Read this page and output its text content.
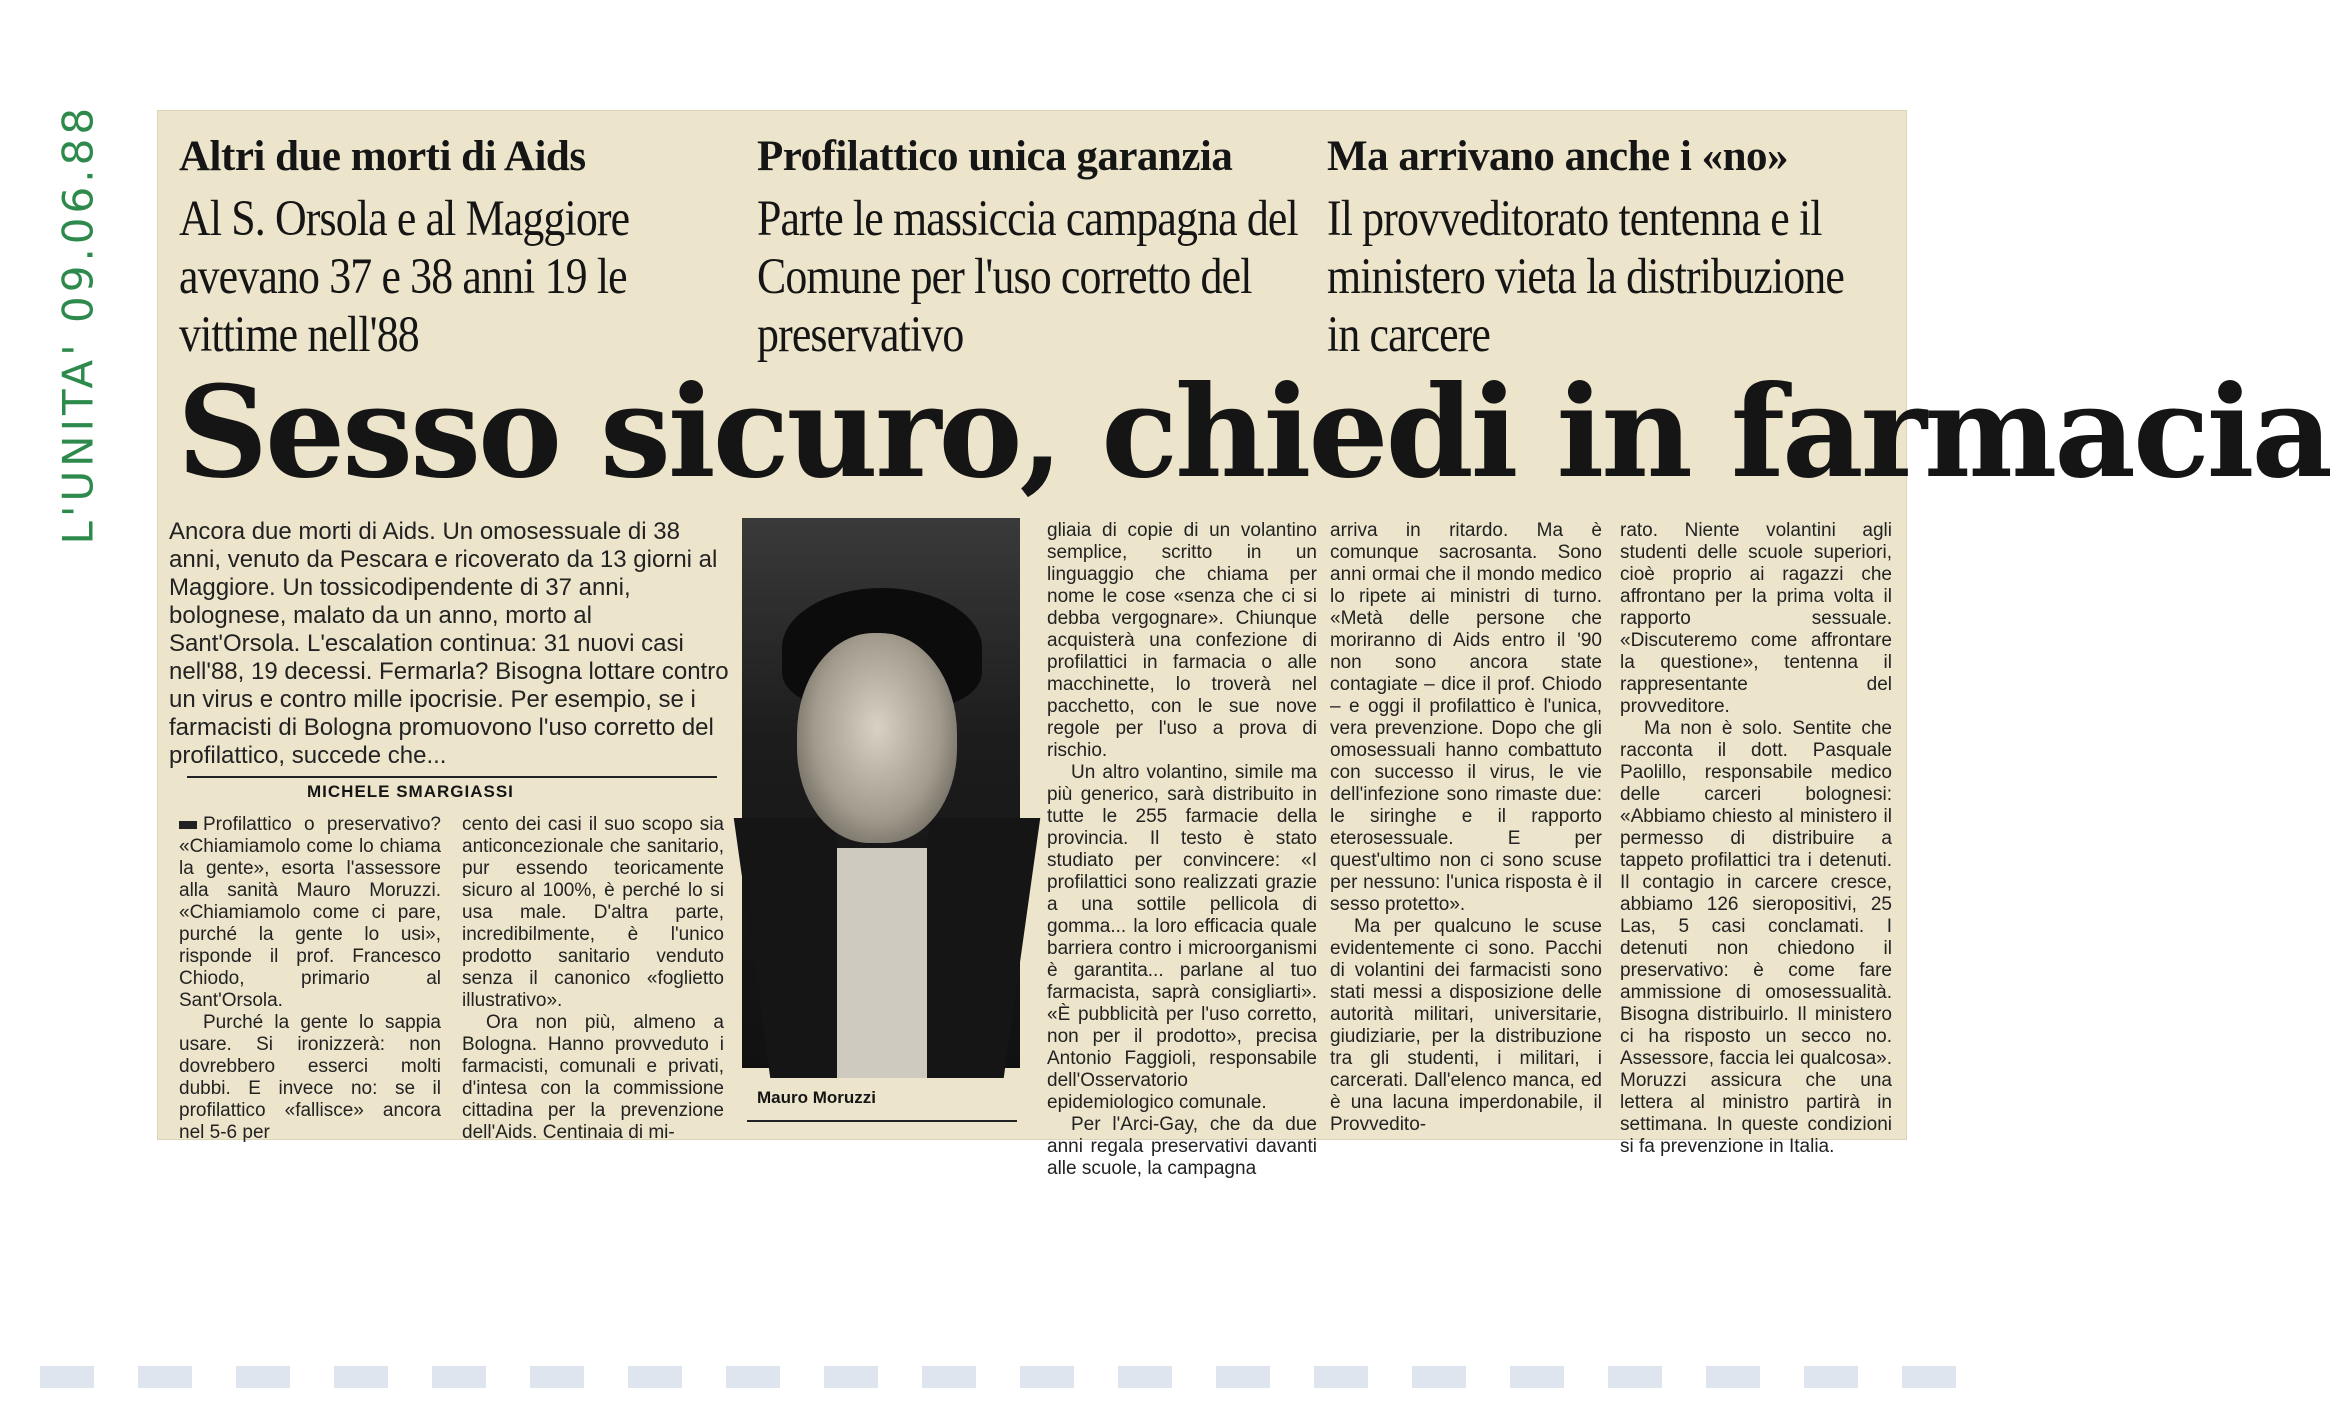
L'UNITA' 09.06.88 Altri due morti di Aids	Profilattico unica garanzia Ma arrivano anche i «no»
Al S. Orsola e al Maggiore avevano 37 e 38 anni 19 le vittime nell'88
Parte le massiccia campagna del Comune per l'uso corretto del preservativo
Il provveditorato tentenna e il ministero vieta la distribuzione in carcere
Sesso sicuro, chiedi in farmacia
Ancora due morti di Aids. Un omosessuale di 38 anni, venuto da Pescara e ricoverato da 13 giorni al Maggiore. Un tossicodipendente di 37 anni, bolognese, malato da un anno, morto al Sant'Orsola. L'escalation continua: 31 nuovi casi nell'88, 19 decessi. Fermarla? Bisogna lottare contro un virus e contro mille ipocrisie. Per esempio, se i farmacisti di Bologna promuovono l'uso corretto del profilattico, succede che...
MICHELE SMARGIASSI

Profilattico o preservativo? «Chiamiamolo come lo chiama la gente», esorta l'assessore alla sanità Mauro Moruzzi. «Chiamiamolo come ci pare, purché la gente lo usi», risponde il prof. Francesco Chiodo, primario al Sant'Orsola.

Purché la gente lo sappia usare. Si ironizzerà: non dovrebbero esserci molti dubbi. E invece no: se il profilattico «fallisce» ancora nel 5-6 per

cento dei casi il suo scopo sia anticoncezionale che sanitario, pur essendo teoricamente sicuro al 100%, è perché lo si usa male. D'altra parte, incredibilmente, è l'unico prodotto sanitario venduto senza il canonico «foglietto illustrativo».

Ora non più, almeno a Bologna. Hanno provveduto i farmacisti, comunali e privati, d'intesa con la commissione cittadina per la prevenzione dell'Aids. Centinaia di mi-

Mauro Moruzzi

gliaia di copie di un volantino semplice, scritto in un linguaggio che chiama per nome le cose «senza che ci si debba vergognare». Chiunque acquisterà una confezione di profilattici in farmacia o alle macchinette, lo troverà nel pacchetto, con le sue nove regole per l'uso a prova di rischio.

Un altro volantino, simile ma più generico, sarà distribuito in tutte le 255 farmacie della provincia. Il testo è stato studiato per convincere: «I profilattici sono realizzati grazie a una sottile pellicola di gomma... la loro efficacia quale barriera contro i microorganismi è garantita... parlane al tuo farmacista, saprà consigliarti». «È pubblicità per l'uso corretto, non per il prodotto», precisa Antonio Faggioli, responsabile dell'Osservatorio epidemiologico comunale.

Per l'Arci-Gay, che da due anni regala preservativi davanti alle scuole, la campagna

arriva in ritardo. Ma è comunque sacrosanta. Sono anni ormai che il mondo medico lo ripete ai ministri di turno. «Metà delle persone che moriranno di Aids entro il '90 non sono ancora state contagiate – dice il prof. Chiodo – e oggi il profilattico è l'unica, vera prevenzione. Dopo che gli omosessuali hanno combattuto con successo il virus, le vie dell'infezione sono rimaste due: le siringhe e il rapporto eterosessuale. E per quest'ultimo non ci sono scuse per nessuno: l'unica risposta è il sesso protetto».

Ma per qualcuno le scuse evidentemente ci sono. Pacchi di volantini dei farmacisti sono stati messi a disposizione delle autorità militari, universitarie, giudiziarie, per la distribuzione tra gli studenti, i militari, i carcerati. Dall'elenco manca, ed è una lacuna imperdonabile, il Provvedito-

rato. Niente volantini agli studenti delle scuole superiori, cioè proprio ai ragazzi che affrontano per la prima volta il rapporto sessuale. «Discuteremo come affrontare la questione», tentenna il rappresentante del provveditore.

Ma non è solo. Sentite che racconta il dott. Pasquale Paolillo, responsabile medico delle carceri bolognesi: «Abbiamo chiesto al ministero il permesso di distribuire a tappeto profilattici tra i detenuti. Il contagio in carcere cresce, abbiamo 126 sieropositivi, 25 Las, 5 casi conclamati. I detenuti non chiedono il preservativo: è come fare ammissione di omosessualità. Bisogna distribuirlo. Il ministero ci ha risposto un secco no. Assessore, faccia lei qualcosa». Moruzzi assicura che una lettera al ministro partirà in settimana. In queste condizioni si fa prevenzione in Italia.
